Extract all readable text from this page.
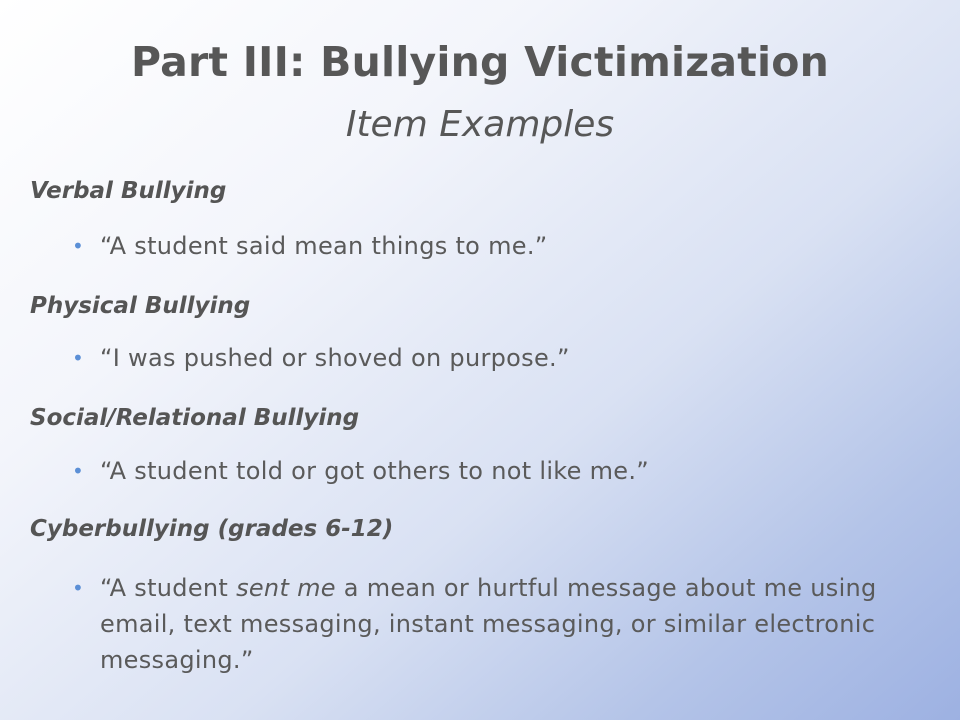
Part III: Bullying Victimization
Item Examples
Verbal Bullying
• “A student said mean things to me.”
Physical Bullying
• “I was pushed or shoved on purpose.”
Social/Relational Bullying
• “A student told or got others to not like me.”
Cyberbullying (grades 6-12)
• “A student sent me a mean or hurtful message about me using email, text messaging, instant messaging, or similar electronic messaging.”
